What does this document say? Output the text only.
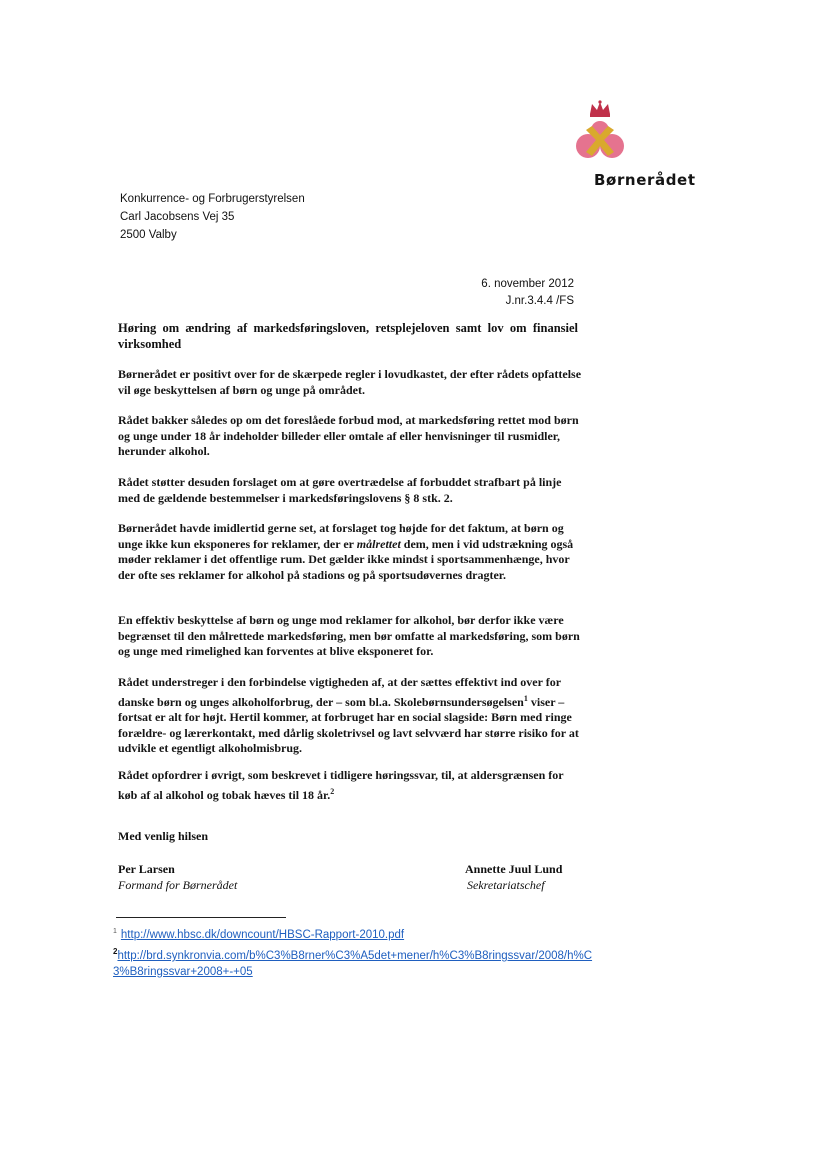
Børnerådet
Konkurrence- og Forbrugerstyrelsen
Carl Jacobsens Vej 35
2500 Valby
6. november 2012
J.nr.3.4.4 /FS
Høring om ændring af markedsføringsloven, retsplejeloven samt lov om finansiel virksomhed
Børnerådet er positivt over for de skærpede regler i lovudkastet, der efter rådets opfattelse vil øge beskyttelsen af børn og unge på området.
Rådet bakker således op om det foreslåede forbud mod, at markedsføring rettet mod børn og unge under 18 år indeholder billeder eller omtale af eller henvisninger til rusmidler, herunder alkohol.
Rådet støtter desuden forslaget om at gøre overtrædelse af forbuddet strafbart på linje med de gældende bestemmelser i markedsføringslovens § 8 stk. 2.
Børnerådet havde imidlertid gerne set, at forslaget tog højde for det faktum, at børn og unge ikke kun eksponeres for reklamer, der er målrettet dem, men i vid udstrækning også møder reklamer i det offentlige rum. Det gælder ikke mindst i sportsammenhænge, hvor der ofte ses reklamer for alkohol på stadions og på sportsudøvernes dragter.
En effektiv beskyttelse af børn og unge mod reklamer for alkohol, bør derfor ikke være begrænset til den målrettede markedsføring, men bør omfatte al markedsføring, som børn og unge med rimelighed kan forventes at blive eksponeret for.
Rådet understreger i den forbindelse vigtigheden af, at der sættes effektivt ind over for danske børn og unges alkoholforbrug, der – som bl.a. Skolebørnsundersøgelsen$^1$ viser – fortsat er alt for højt. Hertil kommer, at forbruget har en social slagside: Børn med ringe forældre- og lærerkontakt, med dårlig skoletrivsel og lavt selvværd har større risiko for at udvikle et egentligt alkoholmisbrug.
Rådet opfordrer i øvrigt, som beskrevet i tidligere høringssvar, til, at aldersgrænsen for køb af al alkohol og tobak hæves til 18 år.$^2$
Med venlig hilsen
Per Larsen
Formand for Børnerådet
Annette Juul Lund
Sekretariatschef
$^1$ http://www.hbsc.dk/downcount/HBSC-Rapport-2010.pdf
$^2$http://brd.synkronvia.com/b%C3%B8rner%C3%A5det+mener/h%C3%B8ringssvar/2008/h%C3%B8ringssvar+2008+-+05
